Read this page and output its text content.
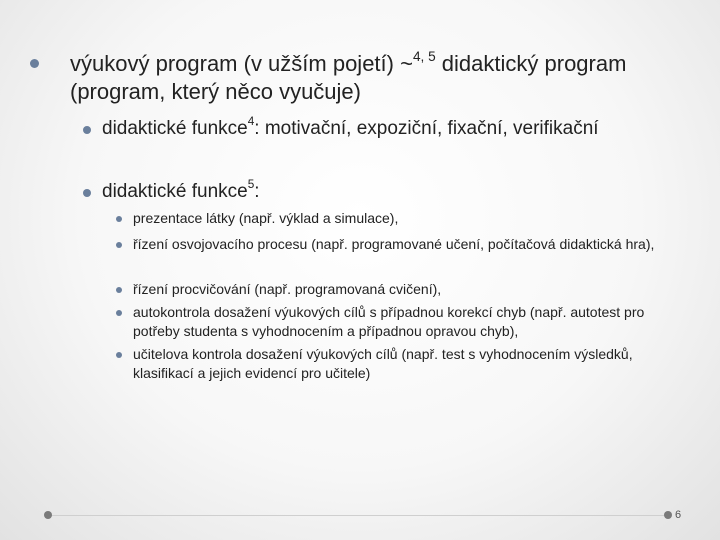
výukový program (v užším pojetí) ~$^{4, 5}$ didaktický program (program, který něco vyučuje)

didaktické funkce$^4$: motivační, expoziční, fixační, verifikační

didaktické funkce$^5$:

prezentace látky (např. výklad a simulace),

řízení osvojovacího procesu (např. programované učení, počítačová didaktická hra),

řízení procvičování (např. programovaná cvičení),

autokontrola dosažení výukových cílů s případnou korekcí chyb (např. autotest pro potřeby studenta s vyhodnocením a případnou opravou chyb),

učitelova kontrola dosažení výukových cílů (např. test s vyhodnocením výsledků, klasifikací a jejich evidencí pro učitele)

6
